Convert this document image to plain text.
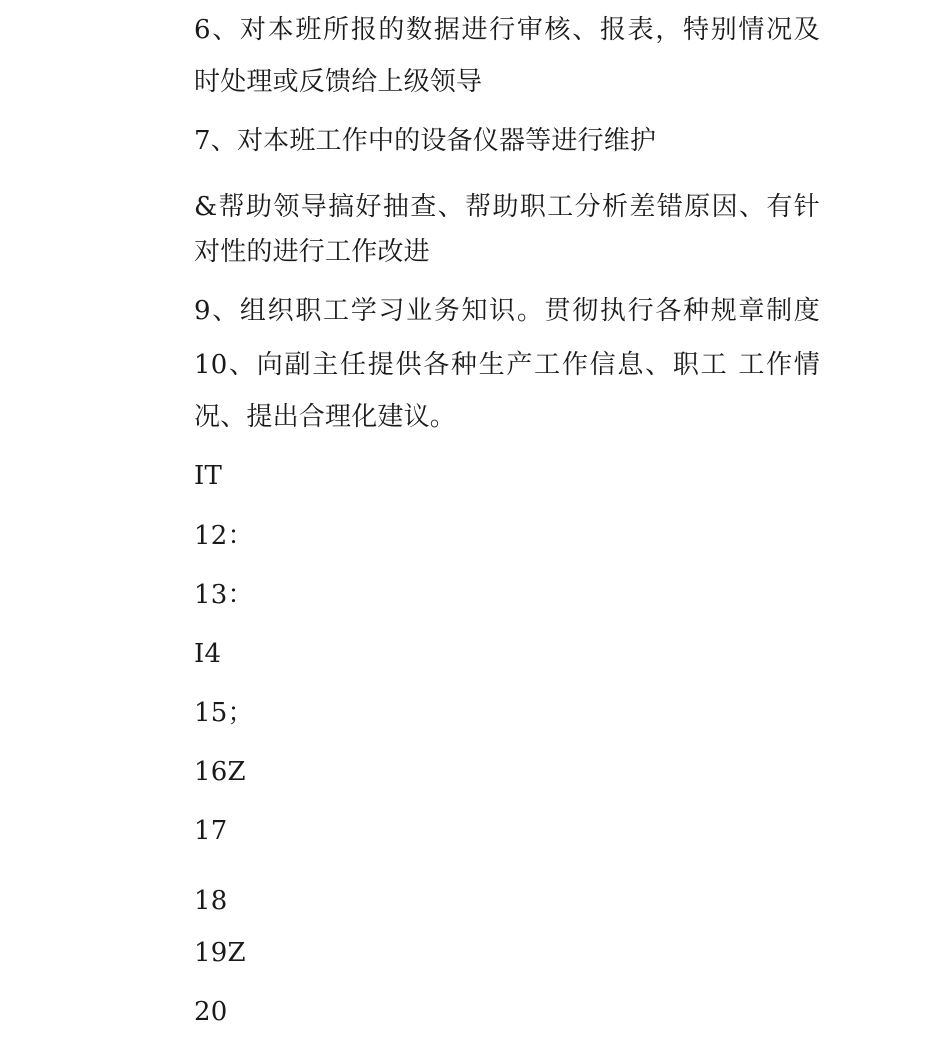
6、对本班所报的数据进行审核、报表，特别情况及
时处理或反馈给上级领导
7、对本班工作中的设备仪器等进行维护
&帮助领导搞好抽查、帮助职工分析差错原因、有针
对性的进行工作改进
9、组织职工学习业务知识。贯彻执行各种规章制度
10、向副主任提供各种生产工作信息、职工 工作情
况、提出合理化建议。
IT
12：
13：
I4
15；
16Z
17
18
19Z
20
